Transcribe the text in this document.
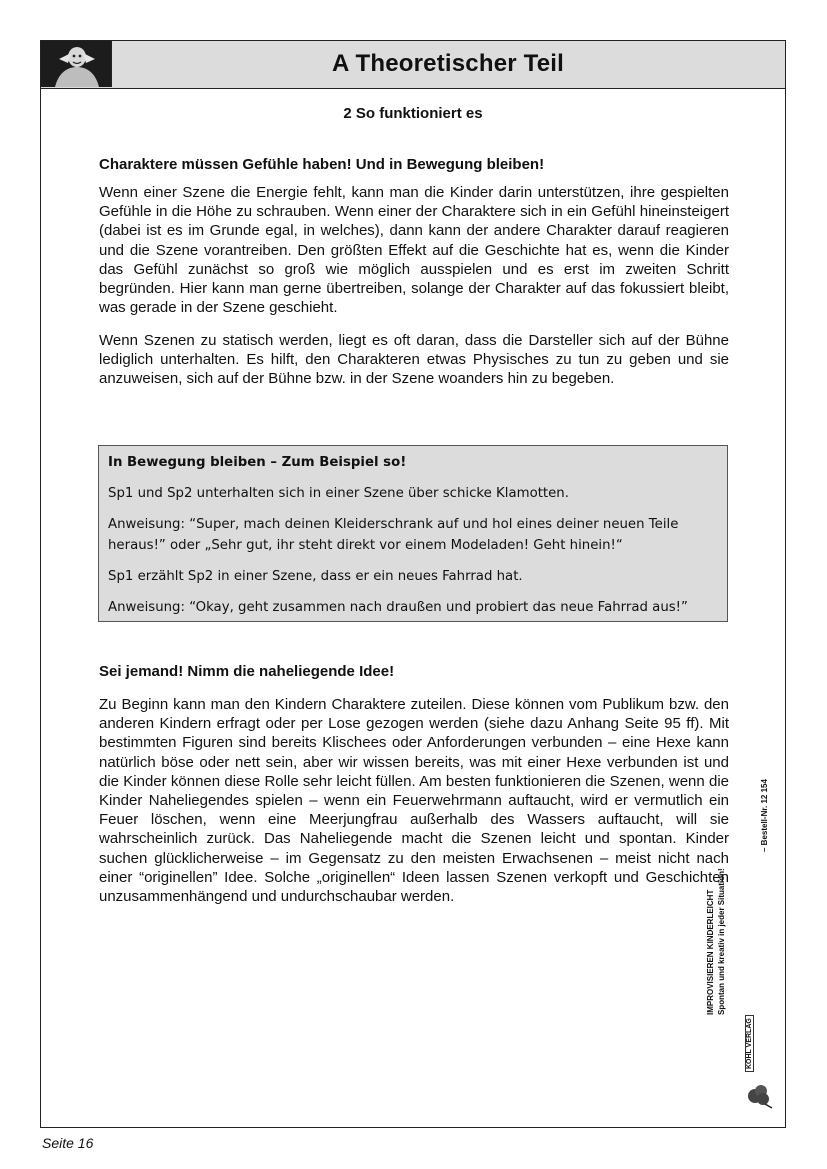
A Theoretischer Teil
2 So funktioniert es
Charaktere müssen Gefühle haben! Und in Bewegung bleiben!

Wenn einer Szene die Energie fehlt, kann man die Kinder darin unterstützen, ihre gespielten Gefühle in die Höhe zu schrauben. Wenn einer der Charaktere sich in ein Gefühl hineinsteigert (dabei ist es im Grunde egal, in welches), dann kann der andere Charakter darauf reagieren und die Szene vorantreiben. Den größten Effekt auf die Geschichte hat es, wenn die Kinder das Gefühl zunächst so groß wie möglich ausspielen und es erst im zweiten Schritt begründen. Hier kann man gerne übertreiben, solange der Charakter auf das fokussiert bleibt, was gerade in der Szene geschieht.

Wenn Szenen zu statisch werden, liegt es oft daran, dass die Darsteller sich auf der Bühne lediglich unterhalten. Es hilft, den Charakteren etwas Physisches zu tun zu geben und sie anzuweisen, sich auf der Bühne bzw. in der Szene woanders hin zu begeben.

In Bewegung bleiben – Zum Beispiel so!

Sp1 und Sp2 unterhalten sich in einer Szene über schicke Klamotten.

Anweisung: “Super, mach deinen Kleiderschrank auf und hol eines deiner neuen Teile heraus!” oder „Sehr gut, ihr steht direkt vor einem Modeladen! Geht hinein!“

Sp1 erzählt Sp2 in einer Szene, dass er ein neues Fahrrad hat.

Anweisung: “Okay, geht zusammen nach draußen und probiert das neue Fahrrad aus!”

Sei jemand! Nimm die naheliegende Idee!

Zu Beginn kann man den Kindern Charaktere zuteilen. Diese können vom Publikum bzw. den anderen Kindern erfragt oder per Lose gezogen werden (siehe dazu Anhang Seite 95 ff). Mit bestimmten Figuren sind bereits Klischees oder Anforderungen verbunden – eine Hexe kann natürlich böse oder nett sein, aber wir wissen bereits, was mit einer Hexe verbunden ist und die Kinder können diese Rolle sehr leicht füllen. Am besten funktionieren die Szenen, wenn die Kinder Naheliegendes spielen – wenn ein Feuerwehrmann auftaucht, wird er vermutlich ein Feuer löschen, wenn eine Meerjungfrau außerhalb des Wassers auftaucht, will sie wahrscheinlich zurück. Das Naheliegende macht die Szenen leicht und spontan. Kinder suchen glücklicherweise – im Gegensatz zu den meisten Erwachsenen – meist nicht nach einer “originellen” Idee. Solche „originellen“ Ideen lassen Szenen verkopft und Geschichten unzusammenhängend und undurchschaubar werden.	IMPROVISIEREN KINDERLEICHT Spontan und kreativ in jeder Situation!
– Bestell-Nr. 12 154
KOHL VERLAG
Seite 16
